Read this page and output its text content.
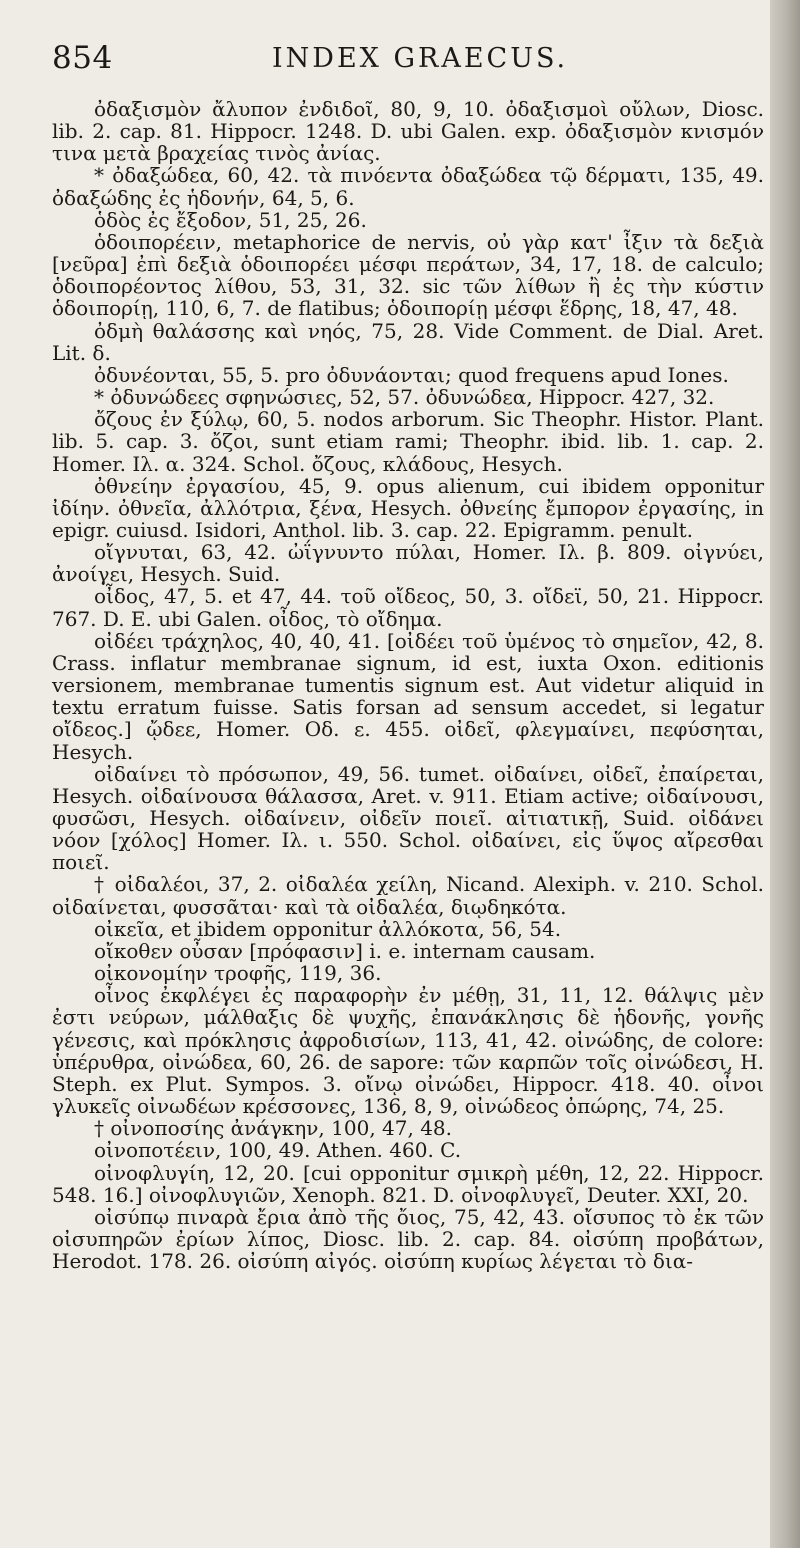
854	INDEX GRAECUS.

ὀδαξισμὸν ἄλυπον ἐνδιδοῖ, 80, 9, 10. ὀδαξισμοὶ οὔλων, Diosc. lib. 2. cap. 81. Hippocr. 1248. D. ubi Galen. exp. ὀδαξισμὸν κνισμόν τινα μετὰ βραχείας τινὸς ἀνίας.

* ὀδαξώδεα, 60, 42. τὰ πινόεντα ὀδαξώδεα τῷ δέρματι, 135, 49. ὀδαξώδης ἐς ἡδονήν, 64, 5, 6.

ὁδὸς ἐς ἔξοδον, 51, 25, 26.

ὁδοιπορέειν, metaphorice de nervis, οὐ γὰρ κατ' ἶξιν τὰ δεξιὰ [νεῦρα] ἐπὶ δεξιὰ ὁδοιπορέει μέσφι περάτων, 34, 17, 18. de calculo; ὁδοιπορέοντος λίθου, 53, 31, 32. sic τῶν λίθων ἢ ἐς τὴν κύστιν ὁδοιπορίῃ, 110, 6, 7. de flatibus; ὁδοιπορίῃ μέσφι ἕδρης, 18, 47, 48.

ὀδμὴ θαλάσσης καὶ νηός, 75, 28. Vide Comment. de Dial. Aret. Lit. δ.

ὀδυνέονται, 55, 5. pro ὀδυνάονται; quod frequens apud Iones.

* ὀδυνώδεες σφηνώσιες, 52, 57. ὀδυνώδεα, Hippocr. 427, 32.

ὄζους ἐν ξύλῳ, 60, 5. nodos arborum. Sic Theophr. Histor. Plant. lib. 5. cap. 3. ὄζοι, sunt etiam rami; Theophr. ibid. lib. 1. cap. 2. Homer. Ιλ. α. 324. Schol. ὄζους, κλάδους, Hesych.

ὀθνείην ἐργασίου, 45, 9. opus alienum, cui ibidem opponitur ἰδίην. ὀθνεῖα, ἀλλότρια, ξένα, Hesych. ὀθνείης ἔμπορον ἐργασίης, in epigr. cuiusd. Isidori, Anthol. lib. 3. cap. 22. Epigramm. penult.

οἴγνυται, 63, 42. ὠΐγνυντο πύλαι, Homer. Ιλ. β. 809. οἰγνύει, ἀνοίγει, Hesych. Suid.

οἶδος, 47, 5. et 47, 44. τοῦ οἴδεος, 50, 3. οἴδεϊ, 50, 21. Hippocr. 767. D. E. ubi Galen. οἶδος, τὸ οἴδημα.

οἰδέει τράχηλος, 40, 40, 41. [οἰδέει τοῦ ὑμένος τὸ σημεῖον, 42, 8. Crass. inflatur membranae signum, id est, iuxta Oxon. editionis versionem, membranae tumentis signum est. Aut videtur aliquid in textu erratum fuisse. Satis forsan ad sensum accedet, si legatur οἴδεος.] ᾤδεε, Homer. Οδ. ε. 455. οἰδεῖ, φλεγμαίνει, πεφύσηται, Hesych.

οἰδαίνει τὸ πρόσωπον, 49, 56. tumet. οἰδαίνει, οἰδεῖ, ἐπαίρεται, Hesych. οἰδαίνουσα θάλασσα, Aret. v. 911. Etiam active; οἰδαίνουσι, φυσῶσι, Hesych. οἰδαίνειν, οἰδεῖν ποιεῖ. αἰτιατικῇ, Suid. οἰδάνει νόον [χόλος] Homer. Ιλ. ι. 550. Schol. οἰδαίνει, εἰς ὕψος αἴρεσθαι ποιεῖ.

† οἰδαλέοι, 37, 2. οἰδαλέα χείλη, Nicand. Alexiph. v. 210. Schol. οἰδαίνεται, φυσσᾶται· καὶ τὰ οἰδαλέα, διῳδηκότα.

οἰκεῖα, et ibidem opponitur ἀλλόκοτα, 56, 54.

οἴκοθεν οὖσαν [πρόφασιν] i. e. internam causam.

οἰκονομίην τροφῆς, 119, 36.

οἶνος ἐκφλέγει ἐς παραφορὴν ἐν μέθῃ, 31, 11, 12. θάλψις μὲν ἐστι νεύρων, μάλθαξις δὲ ψυχῆς, ἐπανάκλησις δὲ ἡδονῆς, γονῆς γένεσις, καὶ πρόκλησις ἀφροδισίων, 113, 41, 42. οἰνώδης, de colore: ὑπέρυθρα, οἰνώδεα, 60, 26. de sapore: τῶν καρπῶν τοῖς οἰνώδεσι, H. Steph. ex Plut. Sympos. 3. οἴνῳ οἰνώδει, Hippocr. 418. 40. οἶνοι γλυκεῖς οἰνωδέων κρέσσονες, 136, 8, 9, οἰνώδεος ὀπώρης, 74, 25.

† οἰνοποσίης ἀνάγκην, 100, 47, 48.

οἰνοποτέειν, 100, 49. Athen. 460. C.

οἰνοφλυγίη, 12, 20. [cui opponitur σμικρὴ μέθη, 12, 22. Hippocr. 548. 16.] οἰνοφλυγιῶν, Xenoph. 821. D. οἰνοφλυγεῖ, Deuter. XXI, 20.

οἰσύπῳ πιναρὰ ἔρια ἀπὸ τῆς ὄιος, 75, 42, 43. οἴσυπος τὸ ἐκ τῶν οἰσυπηρῶν ἐρίων λίπος, Diosc. lib. 2. cap. 84. οἰσύπη προβάτων, Herodot. 178. 26. οἰσύπη αἰγός. οἰσύπη κυρίως λέγεται τὸ δια-
